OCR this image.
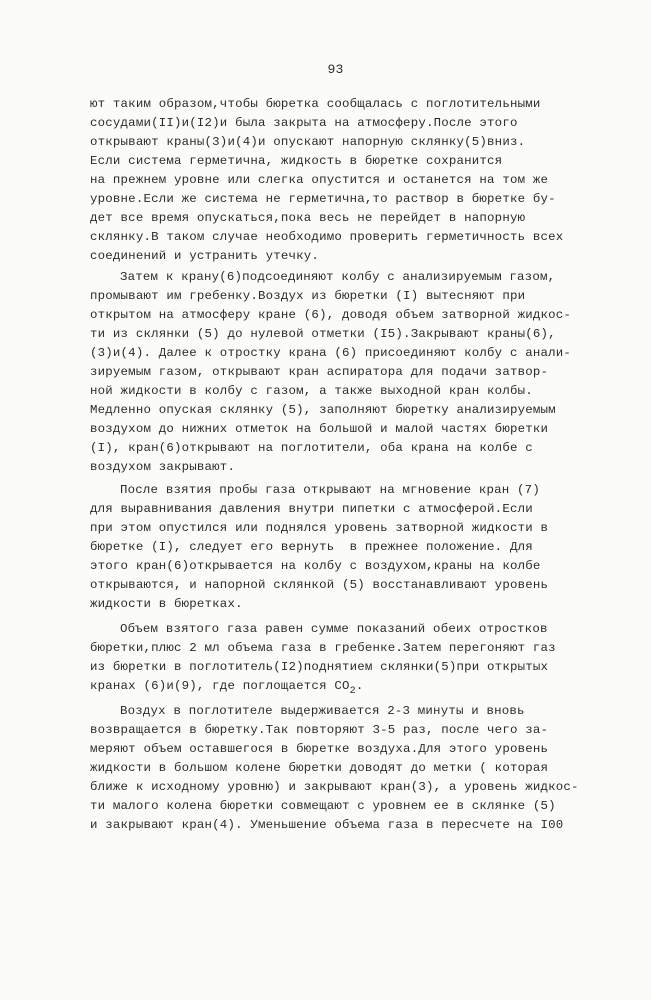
93
ют таким образом,чтобы бюретка сообщалась с поглотительными
сосудами(II)и(I2)и была закрыта на атмосферу.После этого
открывают краны(3)и(4)и опускают напорную склянку(5)вниз.
Если система герметична, жидкость в бюретке сохранится
на прежнем уровне или слегка опустится и останется на том же
уровне.Если же система не герметична,то раствор в бюретке бу-
дет все время опускаться,пока весь не перейдет в напорную
склянку.В таком случае необходимо проверить герметичность всех
соединений и устранить утечку.
Затем к крану(6)подсоединяют колбу с анализируемым газом,
промывают им гребенку.Воздух из бюретки (I) вытесняют при
открытом на атмосферу кране (6), доводя объем затворной жидкос-
ти из склянки (5) до нулевой отметки (I5).Закрывают краны(6),
(3)и(4). Далее к отростку крана (6) присоединяют колбу с анали-
зируемым газом, открывают кран аспиратора для подачи затвор-
ной жидкости в колбу с газом, а также выходной кран колбы.
Медленно опуская склянку (5), заполняют бюретку анализируемым
воздухом до нижних отметок на большой и малой частях бюретки
(I), кран(6)открывают на поглотители, оба крана на колбе с
воздухом закрывают.
После взятия пробы газа открывают на мгновение кран (7)
для выравнивания давления внутри пипетки с атмосферой.Если
при этом опустился или поднялся уровень затворной жидкости в
бюретке (I), следует его вернуть  в прежнее положение. Для
этого кран(6)открывается на колбу с воздухом,краны на колбе
открываются, и напорной склянкой (5) восстанавливают уровень
жидкости в бюретках.
Объем взятого газа равен сумме показаний обеих отростков
бюретки,плюс 2 мл объема газа в гребенке.Затем перегоняют газ
из бюретки в поглотитель(I2)поднятием склянки(5)при открытых
кранах (6)и(9), где поглощается $CO_2$.
Воздух в поглотителе выдерживается 2-3 минуты и вновь
возвращается в бюретку.Так повторяют 3-5 раз, после чего за-
меряют объем оставшегося в бюретке воздуха.Для этого уровень
жидкости в большом колене бюретки доводят до метки ( которая
ближе к исходному уровню) и закрывают кран(3), а уровень жидкос-
ти малого колена бюретки совмещают с уровнем ее в склянке (5)
и закрывают кран(4). Уменьшение объема газа в пересчете на I00
